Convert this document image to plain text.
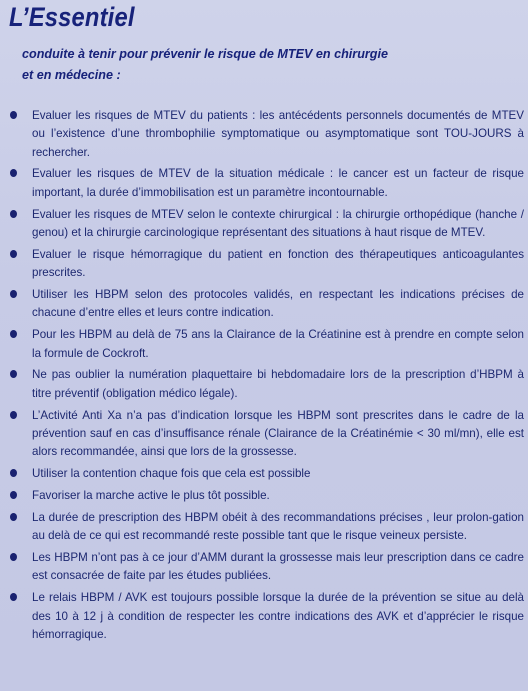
L’Essentiel

conduite à tenir pour prévenir le risque de MTEV en chirurgie
et en médecine :

Evaluer les risques de MTEV du patients : les antécédents personnels documentés de MTEV ou l’existence d’une thrombophilie symptomatique ou asymptomatique sont TOU-JOURS à rechercher.
Evaluer les risques de MTEV de la situation médicale : le cancer est un facteur de risque important, la durée d’immobilisation est un paramètre incontournable.
Evaluer les risques de MTEV selon le contexte chirurgical : la chirurgie orthopédique (hanche / genou) et la chirurgie carcinologique représentant des situations à haut risque de MTEV.
Evaluer le risque hémorragique du patient en fonction des thérapeutiques anticoagulantes prescrites.
Utiliser les HBPM selon des protocoles validés, en respectant les indications précises de chacune d’entre elles et leurs contre indication.
Pour les HBPM au delà de 75 ans la Clairance de la Créatinine est à prendre en compte selon la formule de Cockroft.
Ne pas oublier la numération plaquettaire bi hebdomadaire lors de la prescription d’HBPM à titre préventif (obligation médico légale).
L’Activité Anti Xa n’a pas d’indication lorsque les HBPM sont prescrites dans le cadre de la prévention sauf en cas d’insuffisance rénale (Clairance de la Créatinémie < 30 ml/mn), elle est alors recommandée, ainsi que lors de la grossesse.
Utiliser la contention chaque fois que cela est possible
Favoriser la marche active le plus tôt possible.
La durée de prescription des HBPM obéit à des recommandations précises , leur prolon-gation au delà de ce qui est recommandé reste possible tant que le risque veineux persiste.
Les HBPM n’ont pas à ce jour d’AMM durant la grossesse mais leur prescription dans ce cadre est consacrée de faite par les études publiées.
Le relais HBPM / AVK est toujours possible lorsque la durée de la prévention se situe au delà des 10 à 12 j à condition de respecter les contre indications des AVK et d’apprécier le risque hémorragique.
